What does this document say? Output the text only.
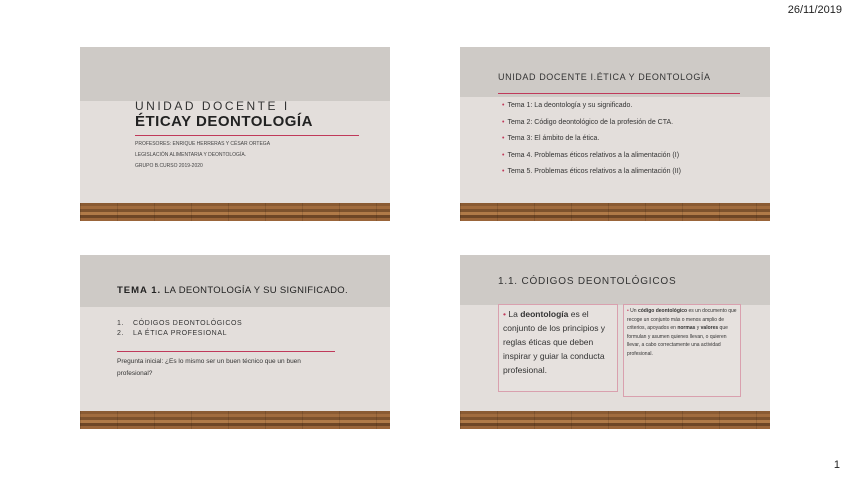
26/11/2019
UNIDAD DOCENTE I
ÉTICAY DEONTOLOGÍA
PROFESORES: ENRIQUE HERRERAS Y CÉSAR ORTEGA
LEGISLACIÓN ALIMENTARIA Y DEONTOLOGÍA.
GRUPO B.CURSO 2019-2020
UNIDAD DOCENTE I.ÉTICA Y DEONTOLOGÍA
• Tema 1: La deontología y su significado.
• Tema 2: Código deontológico de la profesión de CTA.
• Tema 3: El ámbito de la ética.
• Tema 4. Problemas éticos relativos a la alimentación (I)
• Tema 5. Problemas éticos relativos a la alimentación (II)
TEMA 1. LA DEONTOLOGÍA Y SU SIGNIFICADO.
1. CÓDIGOS DEONTOLÓGICOS
2. LA ÉTICA PROFESIONAL
Pregunta inicial: ¿Es lo mismo ser un buen técnico que un buen profesional?
1.1. CÓDIGOS DEONTOLÓGICOS

• La deontología es el conjunto de los principios y reglas éticas que deben inspirar y guiar la conducta profesional.

• Un código deontológico es un documento que recoge un conjunto más o menos amplio de criterios, apoyados en normas y valores que formulan y asumen quienes llevan, o quieren llevar, a cabo correctamente una actividad profesional.

1
